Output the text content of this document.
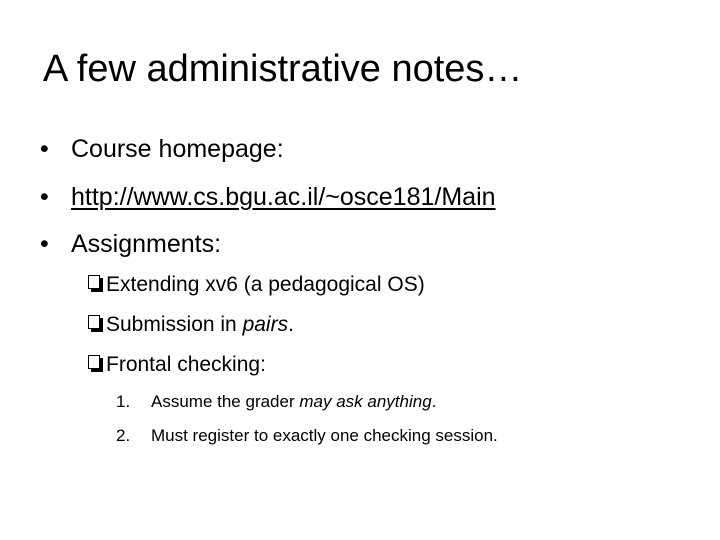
A few administrative notes…
• Course homepage:
• http://www.cs.bgu.ac.il/~osce181/Main
• Assignments:
Extending xv6 (a pedagogical OS)
Submission in pairs.
Frontal checking:
1. Assume the grader may ask anything.
2. Must register to exactly one checking session.
